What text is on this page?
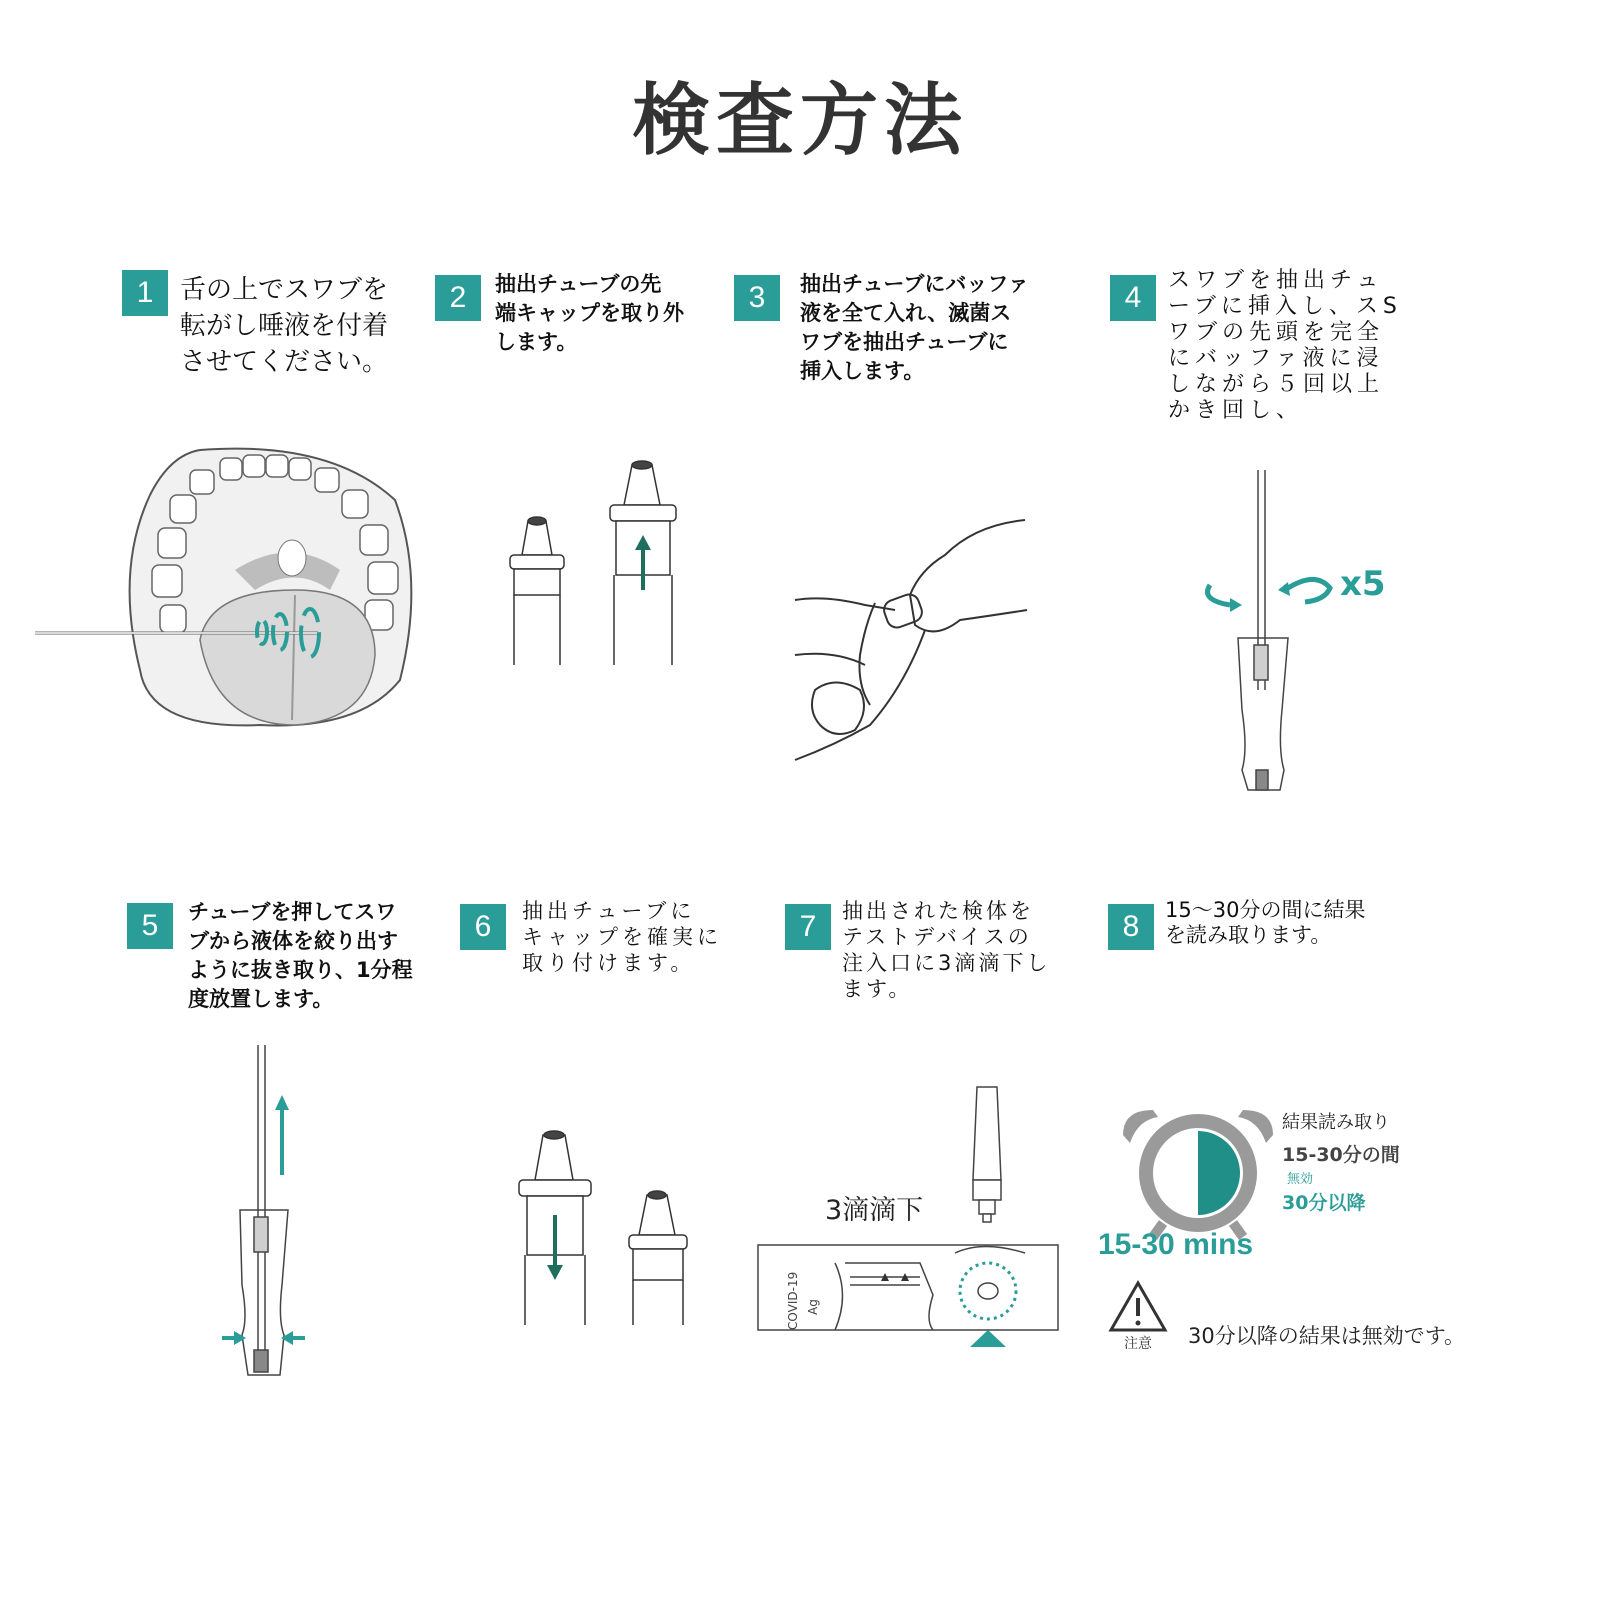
検査方法
1	舌の上でスワブを
転がし唾液を付着
させてください。
2	抽出チューブの先
端キャップを取り外
します。
3	抽出チューブにバッファ
液を全て入れ、滅菌ス
ワブを抽出チューブに
挿入します。
4
スワブを抽出チュ
ーブに挿入し、スS
ワブの先頭を完全
にバッファ液に浸
しながら５回以上
かき回し、
x5
5	チューブを押してスワ
ブから液体を絞り出す
ように抜き取り、1分程
度放置します。
6	抽出チューブに
キャップを確実に
取り付けます。
7	抽出された検体を
テストデバイスの
注入口に3滴滴下し
ます。
8	15〜30分の間に結果
を読み取ります。
3滴滴下
COVID-19 Ag
15-30 mins
結果読み取り
15-30分の間
無効
30分以降
注意 30分以降の結果は無効です。
